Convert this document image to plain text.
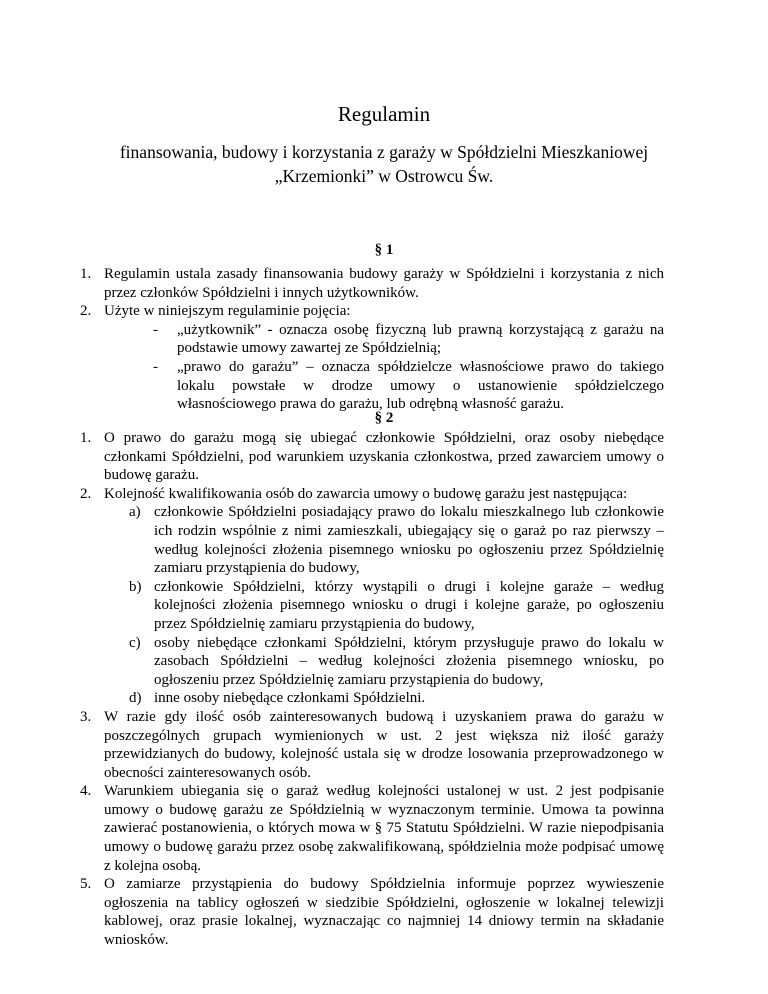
Regulamin
finansowania, budowy i korzystania z garaży w Spółdzielni Mieszkaniowej
„Krzemionki” w Ostrowcu Św.
§ 1
1. Regulamin ustala zasady finansowania budowy garaży w Spółdzielni i korzystania z nich przez członków Spółdzielni i innych użytkowników.

2. Użyte w niniejszym regulaminie pojęcia:

- „użytkownik” - oznacza osobę fizyczną lub prawną korzystającą z garażu na podstawie umowy zawartej ze Spółdzielnią;

- „prawo do garażu” – oznacza spółdzielcze własnościowe prawo do takiego lokalu powstałe w drodze umowy o ustanowienie spółdzielczego własnościowego prawa do garażu, lub odrębną własność garażu.

§ 2
1. O prawo do garażu mogą się ubiegać członkowie Spółdzielni, oraz osoby niebędące członkami Spółdzielni, pod warunkiem uzyskania członkostwa, przed zawarciem umowy o budowę garażu.

2. Kolejność kwalifikowania osób do zawarcia umowy o budowę garażu jest następująca:

a) członkowie Spółdzielni posiadający prawo do lokalu mieszkalnego lub członkowie ich rodzin wspólnie z nimi zamieszkali, ubiegający się o garaż po raz pierwszy – według kolejności złożenia pisemnego wniosku po ogłoszeniu przez Spółdzielnię zamiaru przystąpienia do budowy,

b) członkowie Spółdzielni, którzy wystąpili o drugi i kolejne garaże – według kolejności złożenia pisemnego wniosku o drugi i kolejne garaże, po ogłoszeniu przez Spółdzielnię zamiaru przystąpienia do budowy,

c) osoby niebędące członkami Spółdzielni, którym przysługuje prawo do lokalu w zasobach Spółdzielni – według kolejności złożenia pisemnego wniosku, po ogłoszeniu przez Spółdzielnię zamiaru przystąpienia do budowy,

d) inne osoby niebędące członkami Spółdzielni.

3. W razie gdy ilość osób zainteresowanych budową i uzyskaniem prawa do garażu w poszczególnych grupach wymienionych w ust. 2 jest większa niż ilość garaży przewidzianych do budowy, kolejność ustala się w drodze losowania przeprowadzonego w obecności zainteresowanych osób.

4. Warunkiem ubiegania się o garaż według kolejności ustalonej w ust. 2 jest podpisanie umowy o budowę garażu ze Spółdzielnią w wyznaczonym terminie. Umowa ta powinna zawierać postanowienia, o których mowa w § 75 Statutu Spółdzielni. W razie niepodpisania umowy o budowę garażu przez osobę zakwalifikowaną, spółdzielnia może podpisać umowę z kolejna osobą.

5. O zamiarze przystąpienia do budowy Spółdzielnia informuje poprzez wywieszenie ogłoszenia na tablicy ogłoszeń w siedzibie Spółdzielni, ogłoszenie w lokalnej telewizji kablowej, oraz prasie lokalnej, wyznaczając co najmniej 14 dniowy termin na składanie wniosków.
